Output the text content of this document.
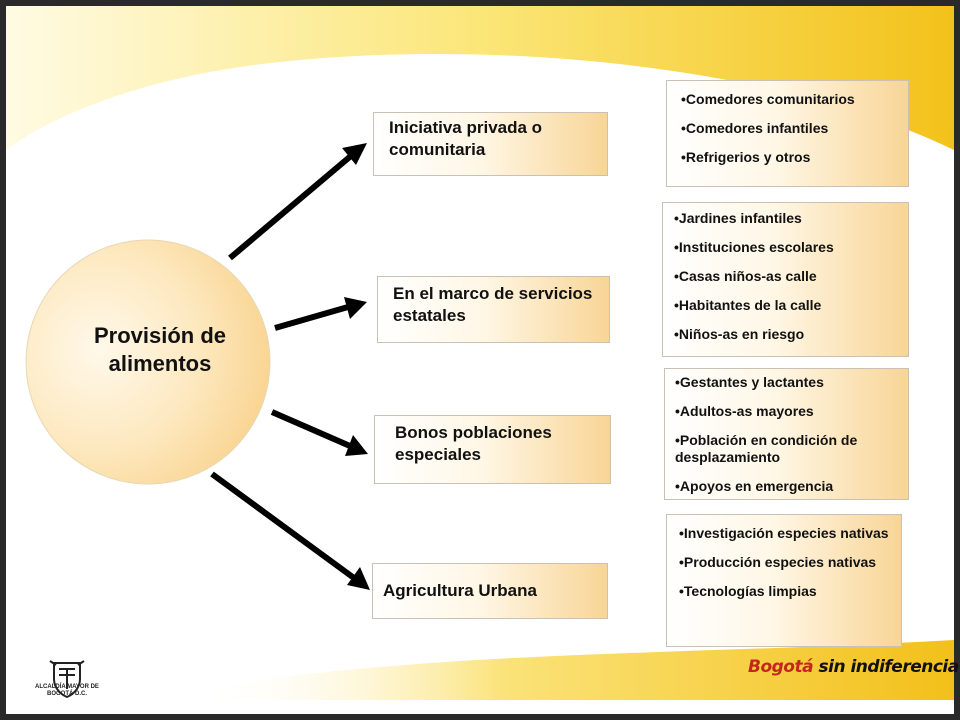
Provisión de alimentos
Iniciativa privada o comunitaria
En el marco de servicios estatales
Bonos poblaciones especiales
Agricultura Urbana
•Comedores comunitarios
•Comedores infantiles
•Refrigerios y otros
•Jardines infantiles
•Instituciones escolares
•Casas niños-as calle
•Habitantes de la calle
•Niños-as en riesgo
•Gestantes y lactantes
•Adultos-as mayores
•Población en condición de desplazamiento
•Apoyos en emergencia
•Investigación especies nativas
•Producción especies nativas
•Tecnologías limpias
ALCALDÍA MAYOR DE BOGOTÁ D.C.
Bogotá sin indiferencia
